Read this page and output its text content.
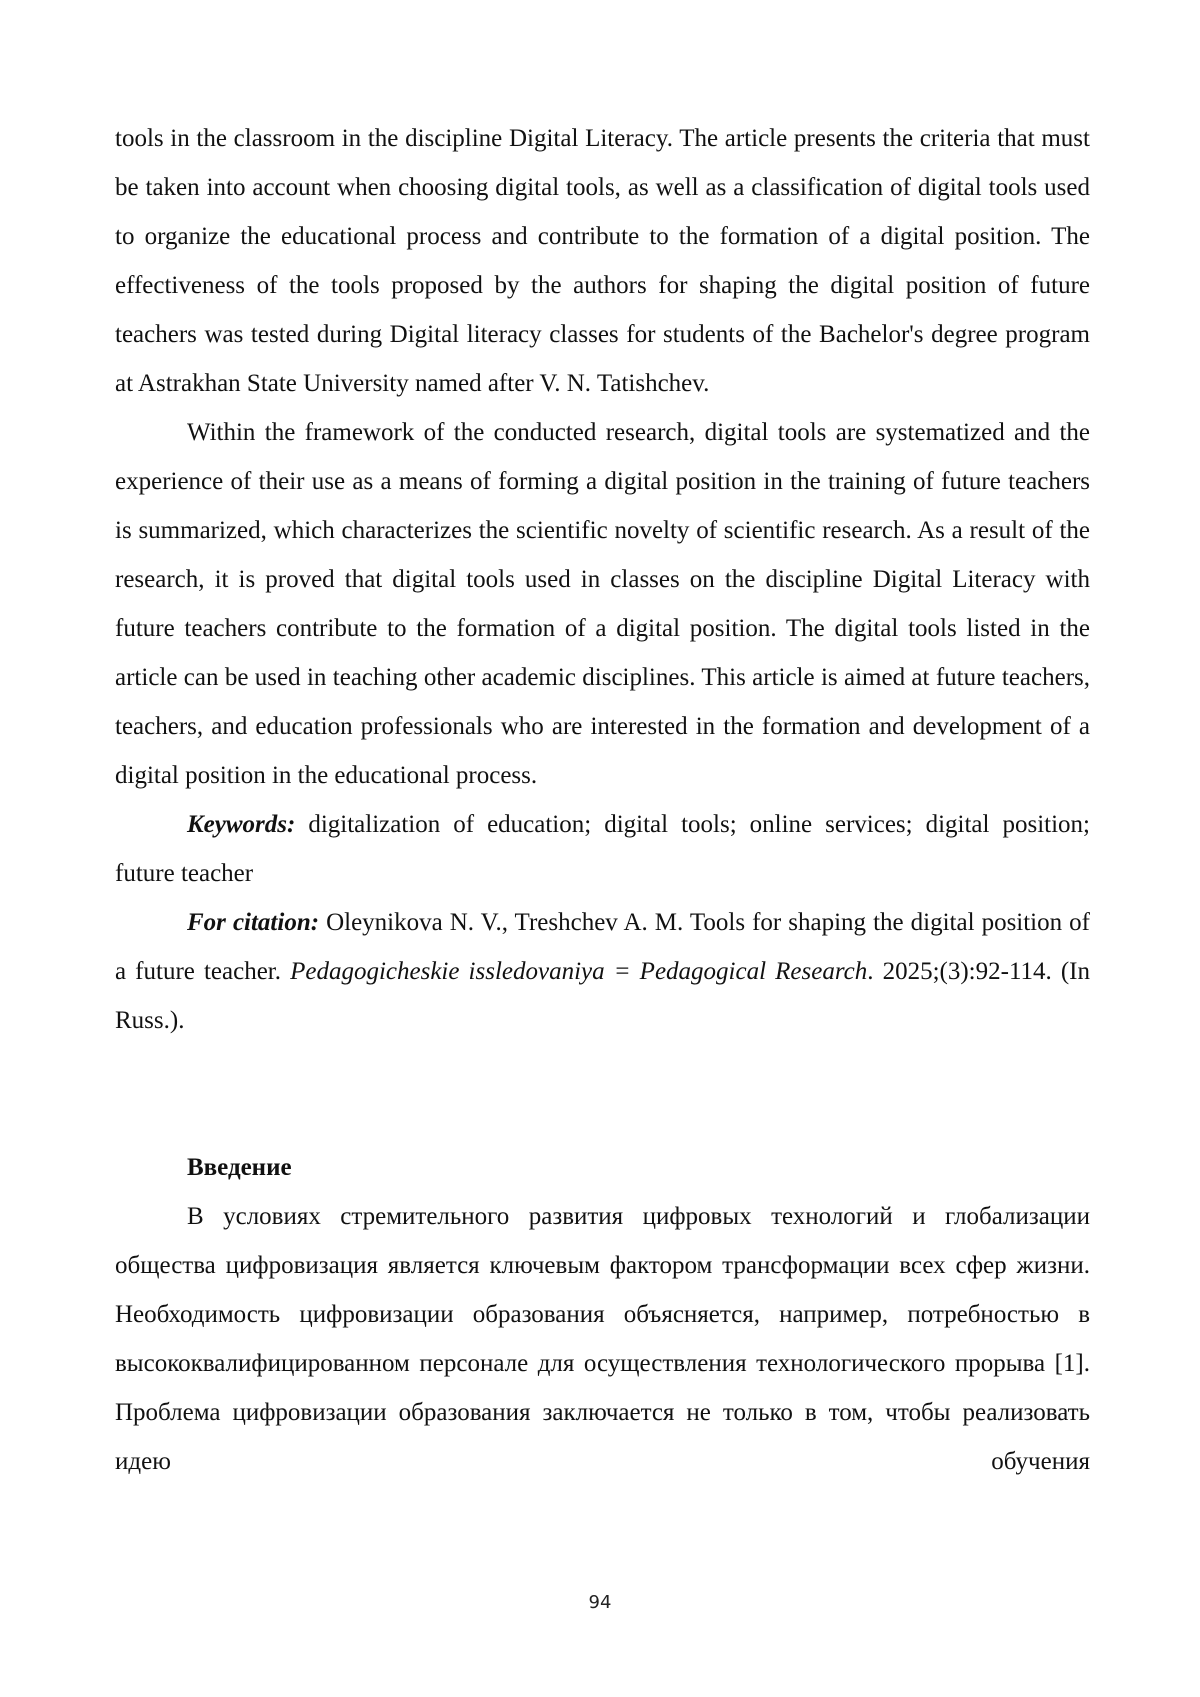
tools in the classroom in the discipline Digital Literacy. The article presents the criteria that must be taken into account when choosing digital tools, as well as a classification of digital tools used to organize the educational process and contribute to the formation of a digital position. The effectiveness of the tools proposed by the authors for shaping the digital position of future teachers was tested during Digital literacy classes for students of the Bachelor's degree program at Astrakhan State University named after V. N. Tatishchev.

Within the framework of the conducted research, digital tools are systematized and the experience of their use as a means of forming a digital position in the training of future teachers is summarized, which characterizes the scientific novelty of scientific research. As a result of the research, it is proved that digital tools used in classes on the discipline Digital Literacy with future teachers contribute to the formation of a digital position. The digital tools listed in the article can be used in teaching other academic disciplines. This article is aimed at future teachers, teachers, and education professionals who are interested in the formation and development of a digital position in the educational process.

Keywords: digitalization of education; digital tools; online services; digital position; future teacher

For citation: Oleynikova N. V., Treshchev A. M. Tools for shaping the digital position of a future teacher. Pedagogicheskie issledovaniya = Pedagogical Research. 2025;(3):92-114. (In Russ.).

Введение

В условиях стремительного развития цифровых технологий и глобализации общества цифровизация является ключевым фактором трансформации всех сфер жизни. Необходимость цифровизации образования объясняется, например, потребностью в высококвалифицированном персонале для осуществления технологического прорыва [1]. Проблема цифровизации образования заключается не только в том, чтобы реализовать идею обучения

94
